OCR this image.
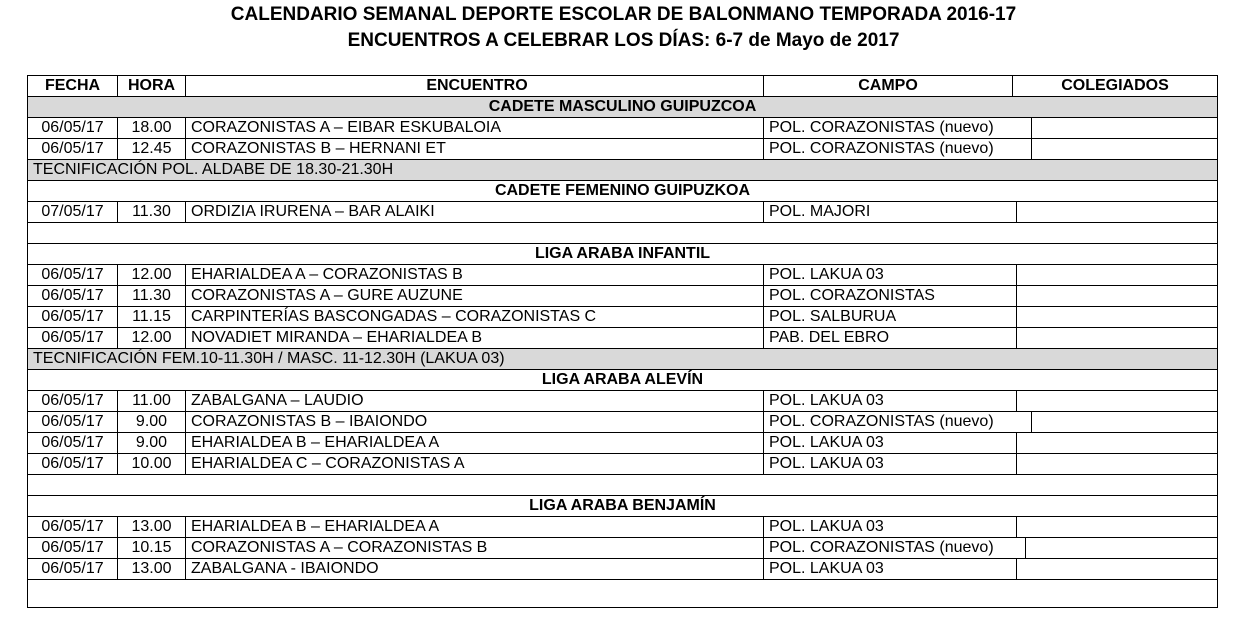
CALENDARIO SEMANAL DEPORTE ESCOLAR DE BALONMANO TEMPORADA 2016-17
ENCUENTROS A CELEBRAR LOS DÍAS: 6-7 de Mayo de 2017
FECHA	HORA	ENCUENTRO	CAMPO	COLEGIADOS
CADETE MASCULINO GUIPUZCOA
06/05/17	18.00	CORAZONISTAS A – EIBAR ESKUBALOIA	POL. CORAZONISTAS (nuevo)
06/05/17	12.45	CORAZONISTAS B – HERNANI ET	POL. CORAZONISTAS (nuevo)
TECNIFICACIÓN POL. ALDABE DE 18.30-21.30H
CADETE FEMENINO GUIPUZKOA
07/05/17	11.30	ORDIZIA IRURENA – BAR ALAIKI	POL. MAJORI
LIGA ARABA INFANTIL
06/05/17	12.00	EHARIALDEA A – CORAZONISTAS B	POL. LAKUA 03
06/05/17	11.30	CORAZONISTAS A – GURE AUZUNE	POL. CORAZONISTAS
06/05/17	11.15	CARPINTERÍAS BASCONGADAS – CORAZONISTAS C	POL. SALBURUA
06/05/17	12.00	NOVADIET MIRANDA – EHARIALDEA B	PAB. DEL EBRO
TECNIFICACIÓN FEM.10-11.30H / MASC. 11-12.30H (LAKUA 03)
LIGA ARABA ALEVÍN
06/05/17	11.00	ZABALGANA – LAUDIO	POL. LAKUA 03
06/05/17	9.00	CORAZONISTAS B – IBAIONDO	POL. CORAZONISTAS (nuevo)
06/05/17	9.00	EHARIALDEA B – EHARIALDEA A	POL. LAKUA 03
06/05/17	10.00	EHARIALDEA C – CORAZONISTAS A	POL. LAKUA 03
LIGA ARABA BENJAMÍN
06/05/17	13.00	EHARIALDEA B – EHARIALDEA A	POL. LAKUA 03
06/05/17	10.15	CORAZONISTAS A – CORAZONISTAS B	POL. CORAZONISTAS (nuevo)
06/05/17	13.00	ZABALGANA - IBAIONDO	POL. LAKUA 03
